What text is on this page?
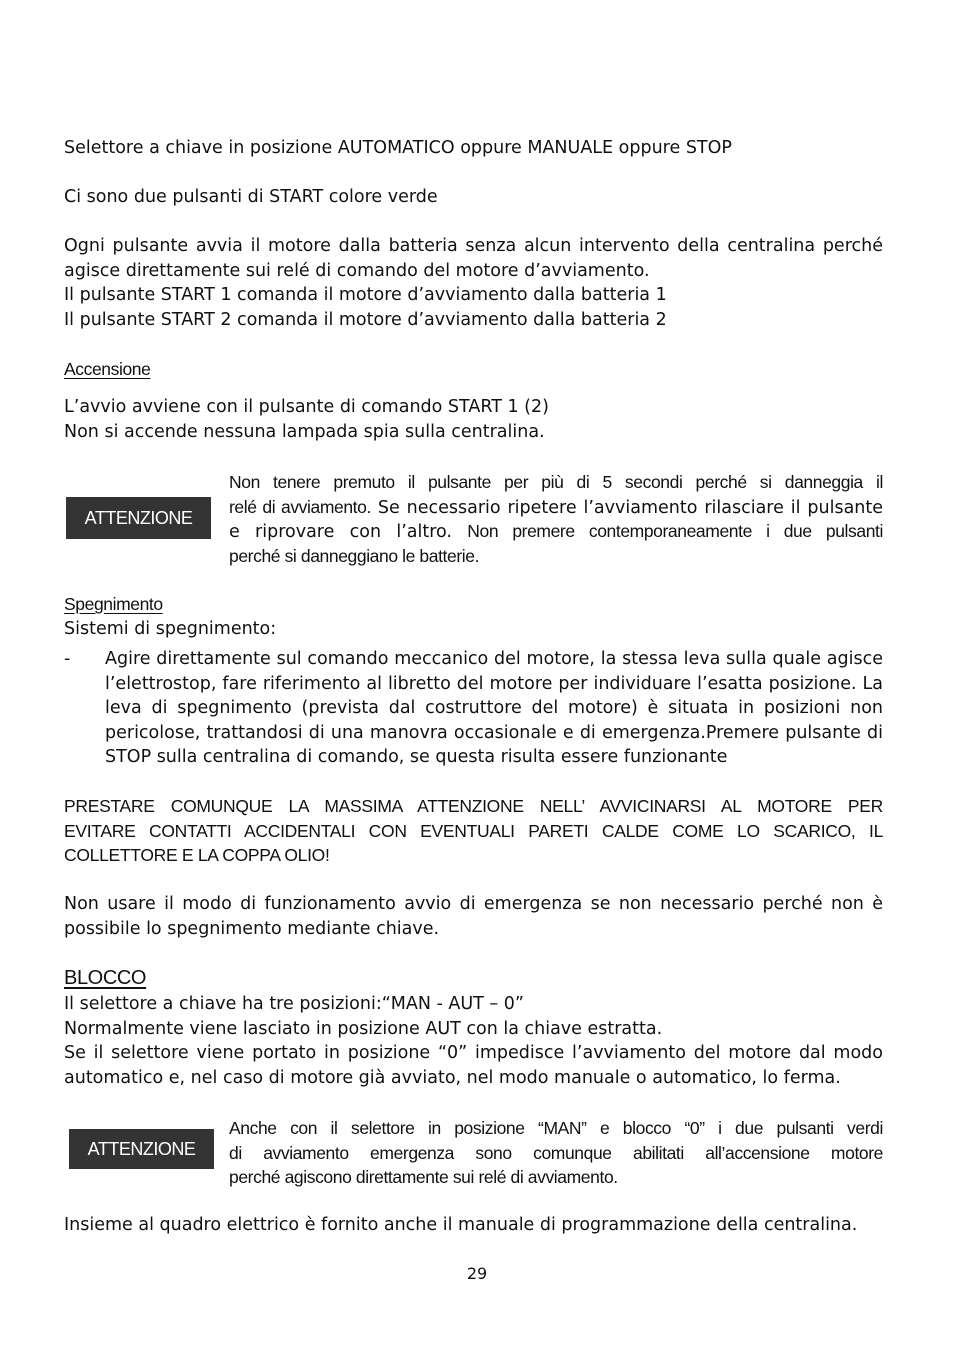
Selettore a chiave in posizione AUTOMATICO oppure MANUALE oppure STOP
Ci sono due pulsanti di START colore verde
Ogni pulsante avvia il motore dalla batteria senza alcun intervento della centralina perché
agisce direttamente sui relé di comando del motore d’avviamento.
Il pulsante START 1 comanda il motore d’avviamento dalla batteria 1
Il pulsante START 2 comanda il motore d’avviamento dalla batteria 2
Accensione
L’avvio avviene con il pulsante di comando START 1 (2)
Non si accende nessuna lampada spia sulla centralina.
ATTENZIONE
Non tenere premuto il pulsante per più di 5 secondi perché si danneggia il
relé di avviamento. Se necessario ripetere l’avviamento rilasciare il pulsante
e riprovare con l’altro. Non premere contemporaneamente i due pulsanti
perché si danneggiano le batterie.
Spegnimento
Sistemi di spegnimento:
- Agire direttamente sul comando meccanico del motore, la stessa leva sulla quale agisce
l’elettrostop, fare riferimento al libretto del motore per individuare l’esatta posizione. La
leva di spegnimento (prevista dal costruttore del motore) è situata in posizioni non
pericolose, trattandosi di una manovra occasionale e di emergenza.Premere pulsante di
STOP sulla centralina di comando, se questa risulta essere funzionante
PRESTARE COMUNQUE LA MASSIMA ATTENZIONE NELL’ AVVICINARSI AL MOTORE PER
EVITARE CONTATTI ACCIDENTALI CON EVENTUALI PARETI CALDE COME LO SCARICO, IL
COLLETTORE E LA COPPA OLIO!
Non usare il modo di funzionamento avvio di emergenza se non necessario perché non è
possibile lo spegnimento mediante chiave.
BLOCCO
Il selettore a chiave ha tre posizioni:“MAN - AUT – 0”
Normalmente viene lasciato in posizione AUT con la chiave estratta.
Se il selettore viene portato in posizione “0” impedisce l’avviamento del motore dal modo
automatico e, nel caso di motore già avviato, nel modo manuale o automatico, lo ferma.
ATTENZIONE
Anche con il selettore in posizione “MAN” e blocco “0” i due pulsanti verdi
di avviamento emergenza sono comunque abilitati all’accensione motore
perché agiscono direttamente sui relé di avviamento.
Insieme al quadro elettrico è fornito anche il manuale di programmazione della centralina.
29
